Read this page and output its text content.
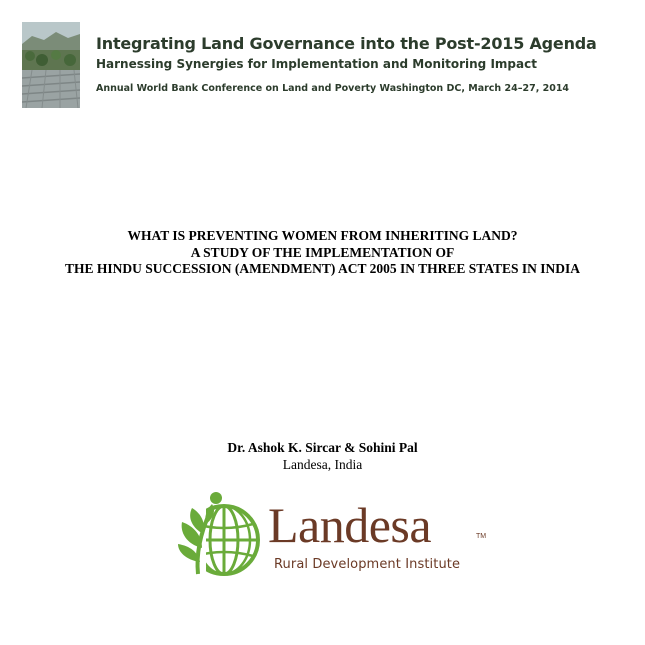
Integrating Land Governance into the Post-2015 Agenda
Harnessing Synergies for Implementation and Monitoring Impact
Annual World Bank Conference on Land and Poverty Washington DC, March 24–27, 2014
WHAT IS PREVENTING WOMEN FROM INHERITING LAND?
A STUDY OF THE IMPLEMENTATION OF
THE HINDU SUCCESSION (AMENDMENT) ACT 2005 IN THREE STATES IN INDIA
Dr. Ashok K. Sircar & Sohini Pal
Landesa, India
Landesa	TM
Rural Development Institute
